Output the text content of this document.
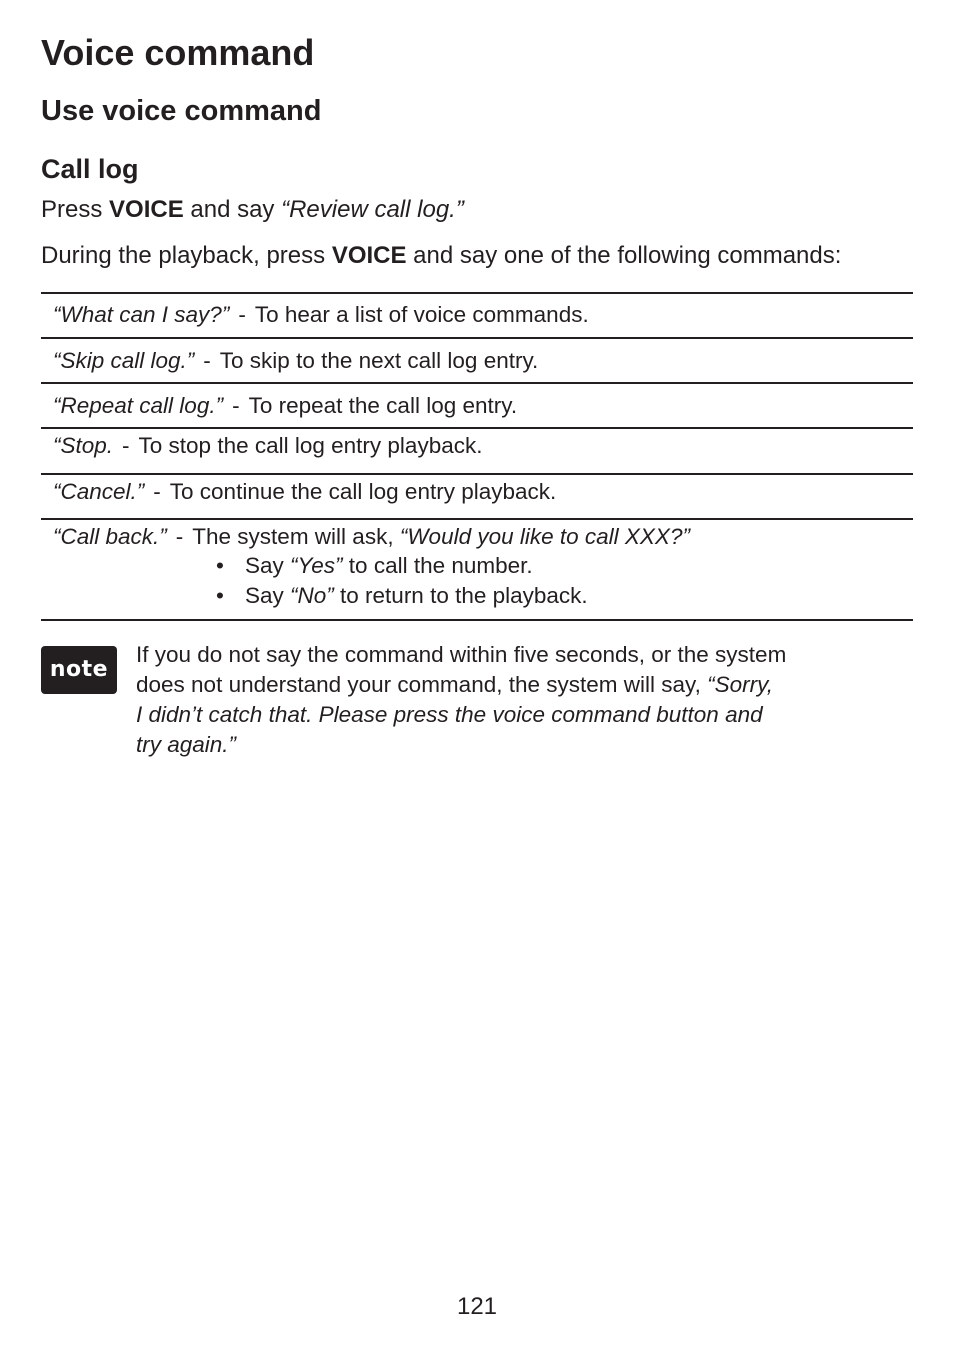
Voice command
Use voice command
Call log

Press VOICE and say “Review call log.”

During the playback, press VOICE and say one of the following commands:

“What can I say?” - To hear a list of voice commands.
“Skip call log.” - To skip to the next call log entry.
“Repeat call log.” - To repeat the call log entry.
“Stop. - To stop the call log entry playback.
“Cancel.” - To continue the call log entry playback.
“Call back.” - The system will ask, “Would you like to call XXX?”
• Say “Yes” to call the number.
• Say “No” to return to the playback.
note

If you do not say the command within five seconds, or the system
does not understand your command, the system will say, “Sorry,
I didn’t catch that. Please press the voice command button and
try again.”

121
